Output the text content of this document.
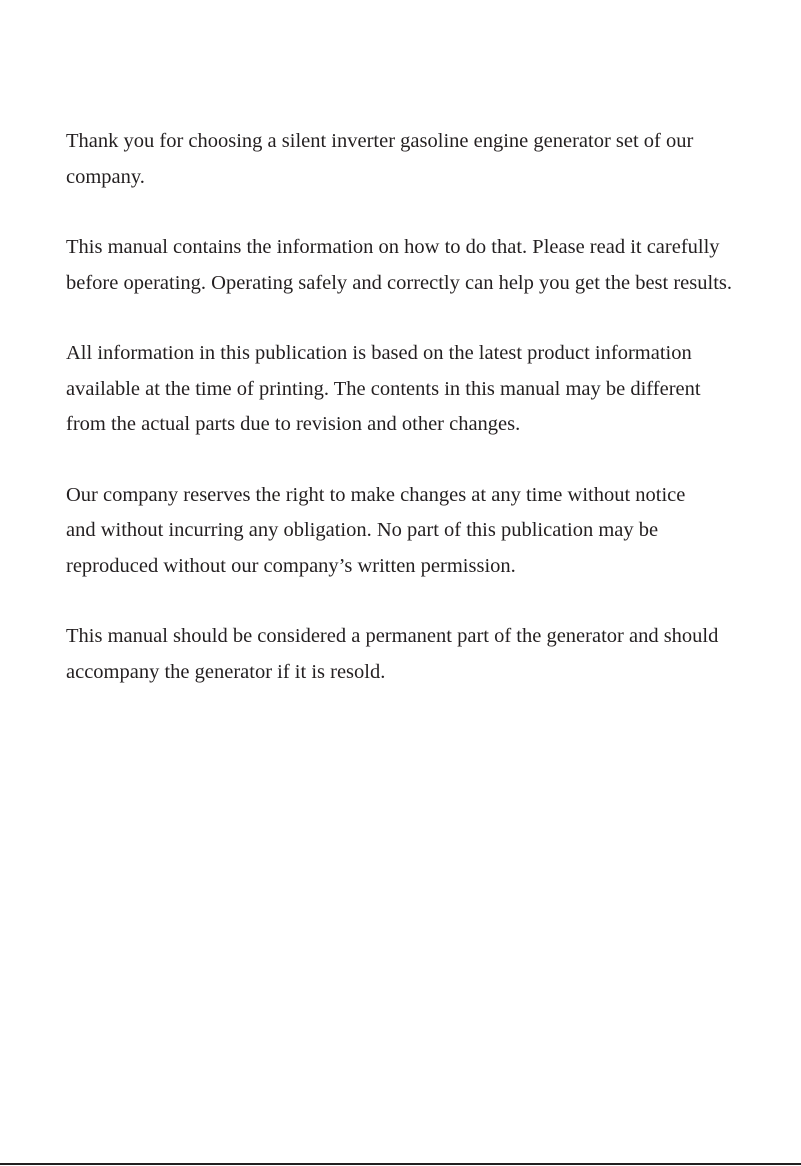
Thank you for choosing a silent inverter gasoline engine generator set of our
company.

This manual contains the information on how to do that. Please read it carefully
before operating. Operating safely and correctly can help you get the best results.

All information in this publication is based on the latest product information
available at the time of printing. The contents in this manual may be different
from the actual parts due to revision and other changes.

Our company reserves the right to make changes at any time without notice
and without incurring any obligation. No part of this publication may be
reproduced without our company’s written permission.

This manual should be considered a permanent part of the generator and should
accompany the generator if it is resold.
